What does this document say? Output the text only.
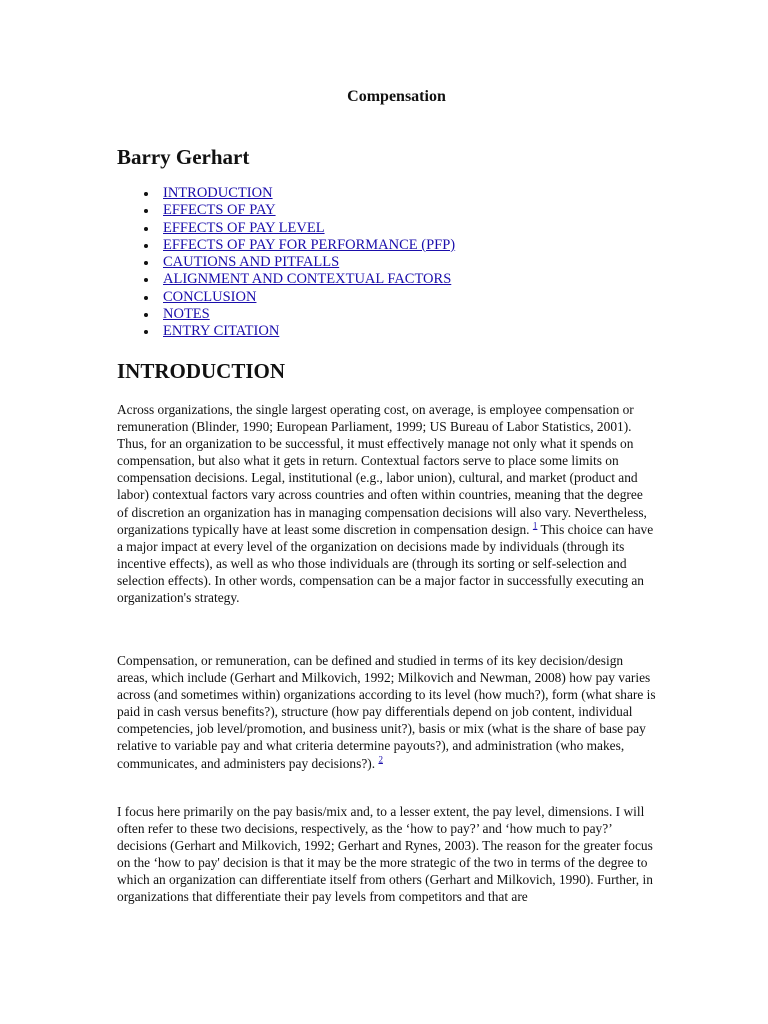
Compensation
Barry Gerhart
INTRODUCTION
EFFECTS OF PAY
EFFECTS OF PAY LEVEL
EFFECTS OF PAY FOR PERFORMANCE (PFP)
CAUTIONS AND PITFALLS
ALIGNMENT AND CONTEXTUAL FACTORS
CONCLUSION
NOTES
ENTRY CITATION
INTRODUCTION

Across organizations, the single largest operating cost, on average, is employee compensation or remuneration (Blinder, 1990; European Parliament, 1999; US Bureau of Labor Statistics, 2001). Thus, for an organization to be successful, it must effectively manage not only what it spends on compensation, but also what it gets in return. Contextual factors serve to place some limits on compensation decisions. Legal, institutional (e.g., labor union), cultural, and market (product and labor) contextual factors vary across countries and often within countries, meaning that the degree of discretion an organization has in managing compensation decisions will also vary. Nevertheless, organizations typically have at least some discretion in compensation design. $^1$ This choice can have a major impact at every level of the organization on decisions made by individuals (through its incentive effects), as well as who those individuals are (through its sorting or self-selection and selection effects). In other words, compensation can be a major factor in successfully executing an organization's strategy.

Compensation, or remuneration, can be defined and studied in terms of its key decision/design areas, which include (Gerhart and Milkovich, 1992; Milkovich and Newman, 2008) how pay varies across (and sometimes within) organizations according to its level (how much?), form (what share is paid in cash versus benefits?), structure (how pay differentials depend on job content, individual competencies, job level/promotion, and business unit?), basis or mix (what is the share of base pay relative to variable pay and what criteria determine payouts?), and administration (who makes, communicates, and administers pay decisions?). $^2$

I focus here primarily on the pay basis/mix and, to a lesser extent, the pay level, dimensions. I will often refer to these two decisions, respectively, as the ‘how to pay?’ and ‘how much to pay?’ decisions (Gerhart and Milkovich, 1992; Gerhart and Rynes, 2003). The reason for the greater focus on the ‘how to pay' decision is that it may be the more strategic of the two in terms of the degree to which an organization can differentiate itself from others (Gerhart and Milkovich, 1990). Further, in organizations that differentiate their pay levels from competitors and that are
